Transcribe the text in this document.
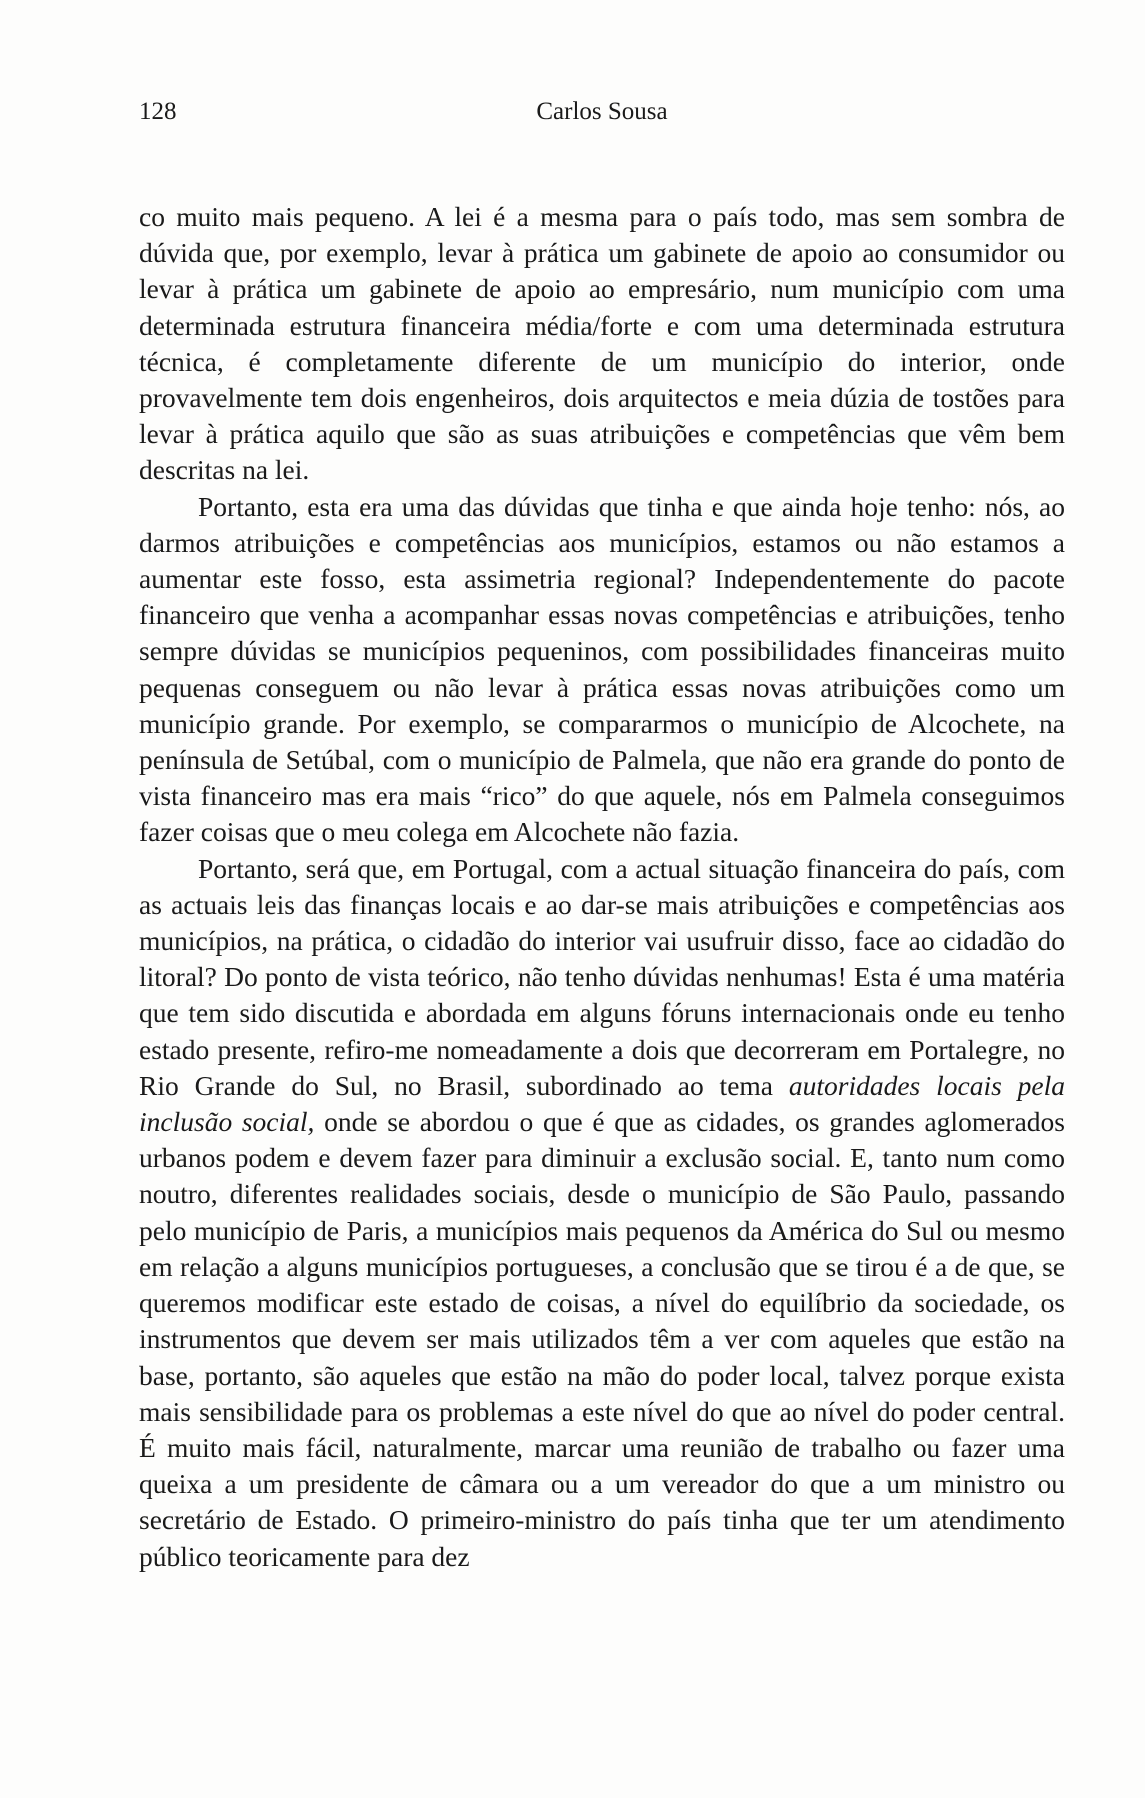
128	Carlos Sousa

co muito mais pequeno. A lei é a mesma para o país todo, mas sem sombra de dúvida que, por exemplo, levar à prática um gabinete de apoio ao consumidor ou levar à prática um gabinete de apoio ao empresário, num município com uma determinada estrutura financeira média/forte e com uma determinada estrutura técnica, é completamente diferente de um município do interior, onde provavelmente tem dois engenheiros, dois arquitectos e meia dúzia de tostões para levar à prática aquilo que são as suas atribuições e competências que vêm bem descritas na lei.

Portanto, esta era uma das dúvidas que tinha e que ainda hoje tenho: nós, ao darmos atribuições e competências aos municípios, estamos ou não estamos a aumentar este fosso, esta assimetria regional? Independentemente do pacote financeiro que venha a acompanhar essas novas competências e atribuições, tenho sempre dúvidas se municípios pequeninos, com possibilidades financeiras muito pequenas conseguem ou não levar à prática essas novas atribuições como um município grande. Por exemplo, se compararmos o município de Alcochete, na península de Setúbal, com o município de Palmela, que não era grande do ponto de vista financeiro mas era mais “rico” do que aquele, nós em Palmela conseguimos fazer coisas que o meu colega em Alcochete não fazia.

Portanto, será que, em Portugal, com a actual situação financeira do país, com as actuais leis das finanças locais e ao dar-se mais atribuições e competências aos municípios, na prática, o cidadão do interior vai usufruir disso, face ao cidadão do litoral? Do ponto de vista teórico, não tenho dúvidas nenhumas! Esta é uma matéria que tem sido discutida e abordada em alguns fóruns internacionais onde eu tenho estado presente, refiro-me nomeadamente a dois que decorreram em Portalegre, no Rio Grande do Sul, no Brasil, subordinado ao tema autoridades locais pela inclusão social, onde se abordou o que é que as cidades, os grandes aglomerados urbanos podem e devem fazer para diminuir a exclusão social. E, tanto num como noutro, diferentes realidades sociais, desde o município de São Paulo, passando pelo município de Paris, a municípios mais pequenos da América do Sul ou mesmo em relação a alguns municípios portugueses, a conclusão que se tirou é a de que, se queremos modificar este estado de coisas, a nível do equilíbrio da sociedade, os instrumentos que devem ser mais utilizados têm a ver com aqueles que estão na base, portanto, são aqueles que estão na mão do poder local, talvez porque exista mais sensibilidade para os problemas a este nível do que ao nível do poder central. É muito mais fácil, naturalmente, marcar uma reunião de trabalho ou fazer uma queixa a um presidente de câmara ou a um vereador do que a um ministro ou secretário de Estado. O primeiro-ministro do país tinha que ter um atendimento público teoricamente para dez
